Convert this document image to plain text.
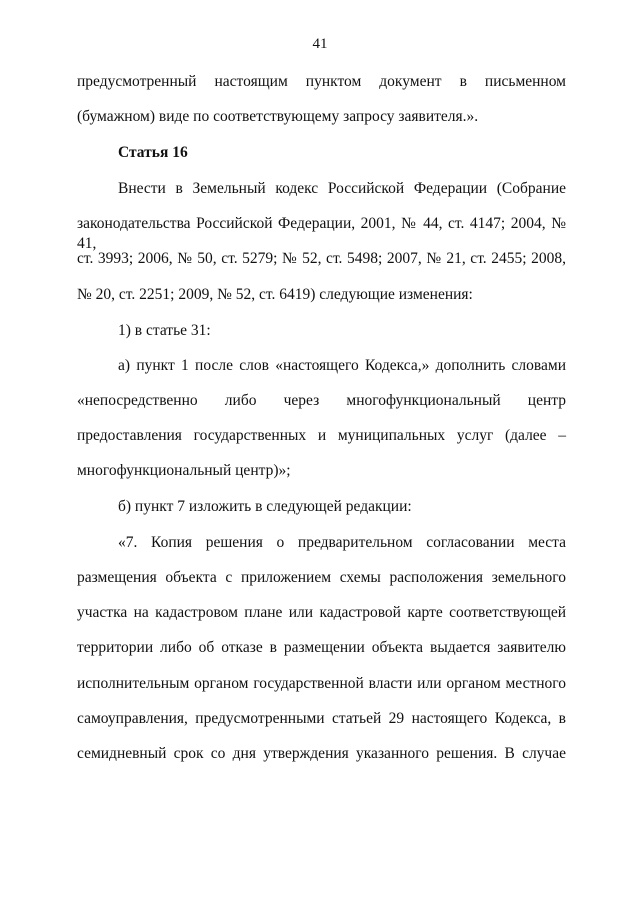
41
предусмотренный настоящим пунктом документ в письменном
(бумажном) виде по соответствующему запросу заявителя.».
Статья 16
Внести в Земельный кодекс Российской Федерации (Собрание
законодательства Российской Федерации, 2001, № 44, ст. 4147; 2004, № 41,
ст. 3993; 2006, № 50, ст. 5279; № 52, ст. 5498; 2007, № 21, ст. 2455; 2008,
№ 20, ст. 2251; 2009, № 52, ст. 6419) следующие изменения:
1) в статье 31:
а) пункт 1 после слов «настоящего Кодекса,» дополнить словами
«непосредственно либо через многофункциональный центр
предоставления государственных и муниципальных услуг (далее –
многофункциональный центр)»;
б) пункт 7 изложить в следующей редакции:
«7. Копия решения о предварительном согласовании места
размещения объекта с приложением схемы расположения земельного
участка на кадастровом плане или кадастровой карте соответствующей
территории либо об отказе в размещении объекта выдается заявителю
исполнительным органом государственной власти или органом местного
самоуправления, предусмотренными статьей 29 настоящего Кодекса, в
семидневный срок со дня утверждения указанного решения. В случае
